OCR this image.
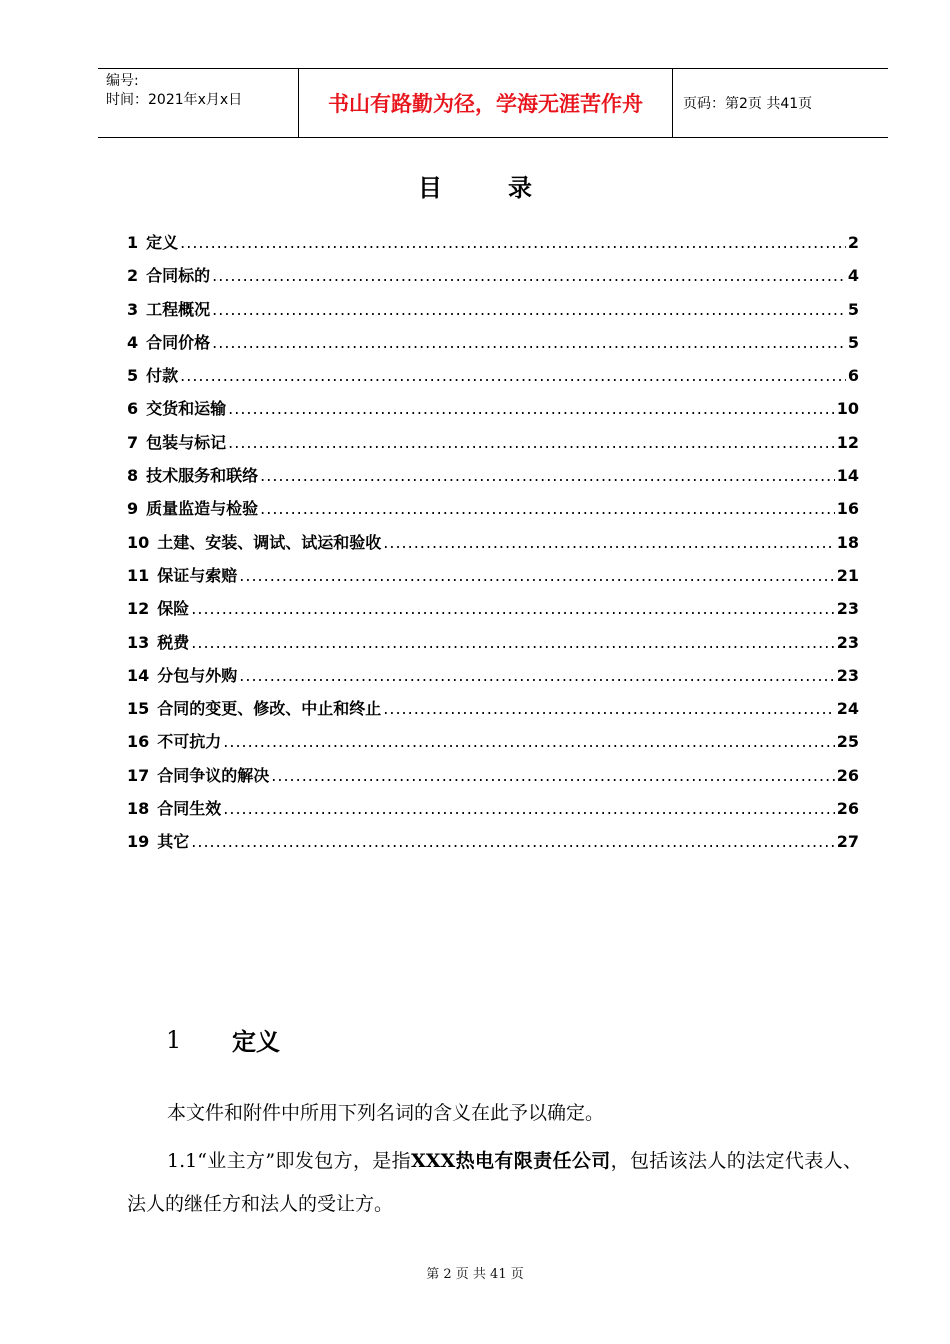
编号:
时间：2021年x月x日	书山有路勤为径，学海无涯苦作舟	页码：第2页 共41页
目	录
1 定义 .....	2
2 合同标的 .....	4
3 工程概况 .....	5
4 合同价格 .....	5
5 付款 .....	6
6 交货和运输 .....	10
7 包装与标记 .....	12
8 技术服务和联络 .....	14
9 质量监造与检验 .....	16
10 土建、安装、调试、试运和验收 .....	18
11 保证与索赔 .....	21
12 保险 .....	23
13 税费 .....	23
14 分包与外购 .....	23
15 合同的变更、修改、中止和终止 .....	24
16 不可抗力 .....	25
17 合同争议的解决 .....	26
18 合同生效 .....	26
19 其它 .....	27
1	定义
本文件和附件中所用下列名词的含义在此予以确定。
1.1“业主方”即发包方，是指XXX热电有限责任公司，包括该法人的法定代表人、法人的继任方和法人的受让方。
第 2 页 共 41 页
